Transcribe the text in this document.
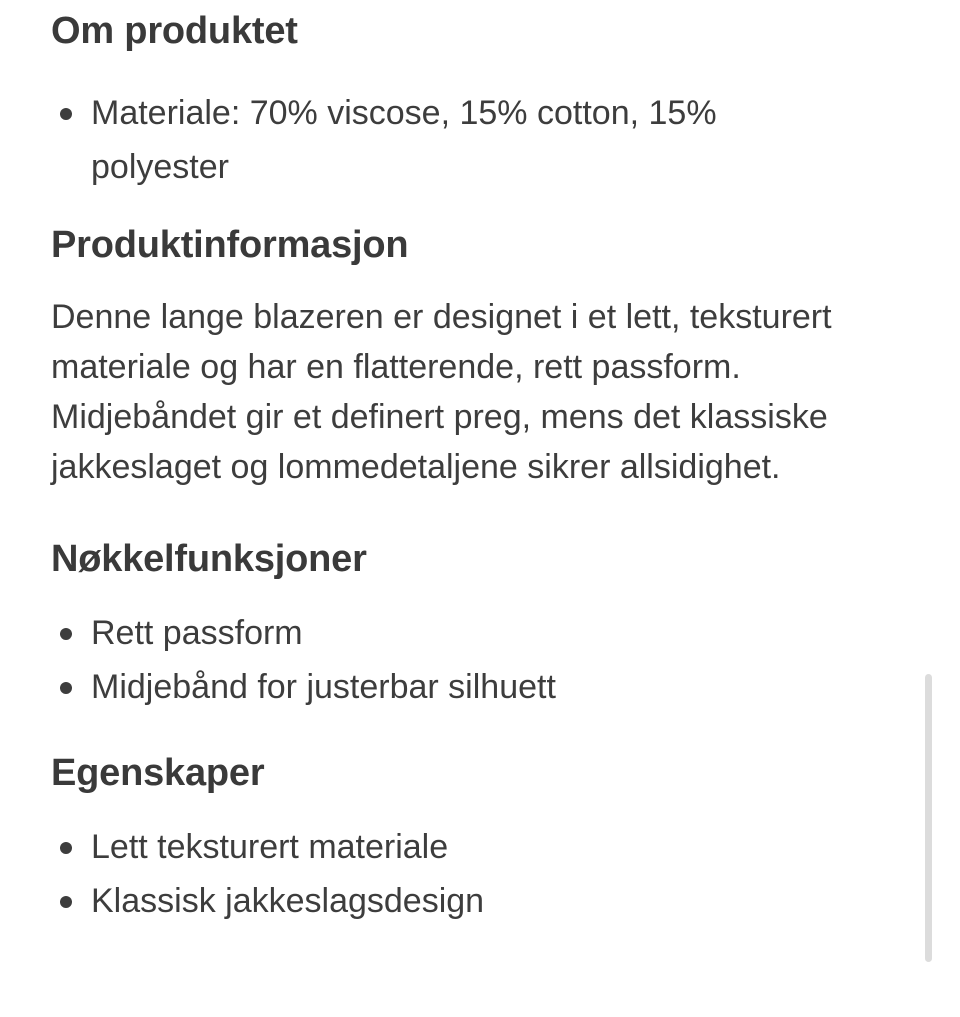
Om produktet
Materiale: 70% viscose, 15% cotton, 15% polyester
Produktinformasjon

Denne lange blazeren er designet i et lett, teksturert materiale og har en flatterende, rett passform. Midjebåndet gir et definert preg, mens det klassiske jakkeslaget og lommedetaljene sikrer allsidighet.

Nøkkelfunksjoner
Rett passform
Midjebånd for justerbar silhuett
Egenskaper
Lett teksturert materiale
Klassisk jakkeslagsdesign
